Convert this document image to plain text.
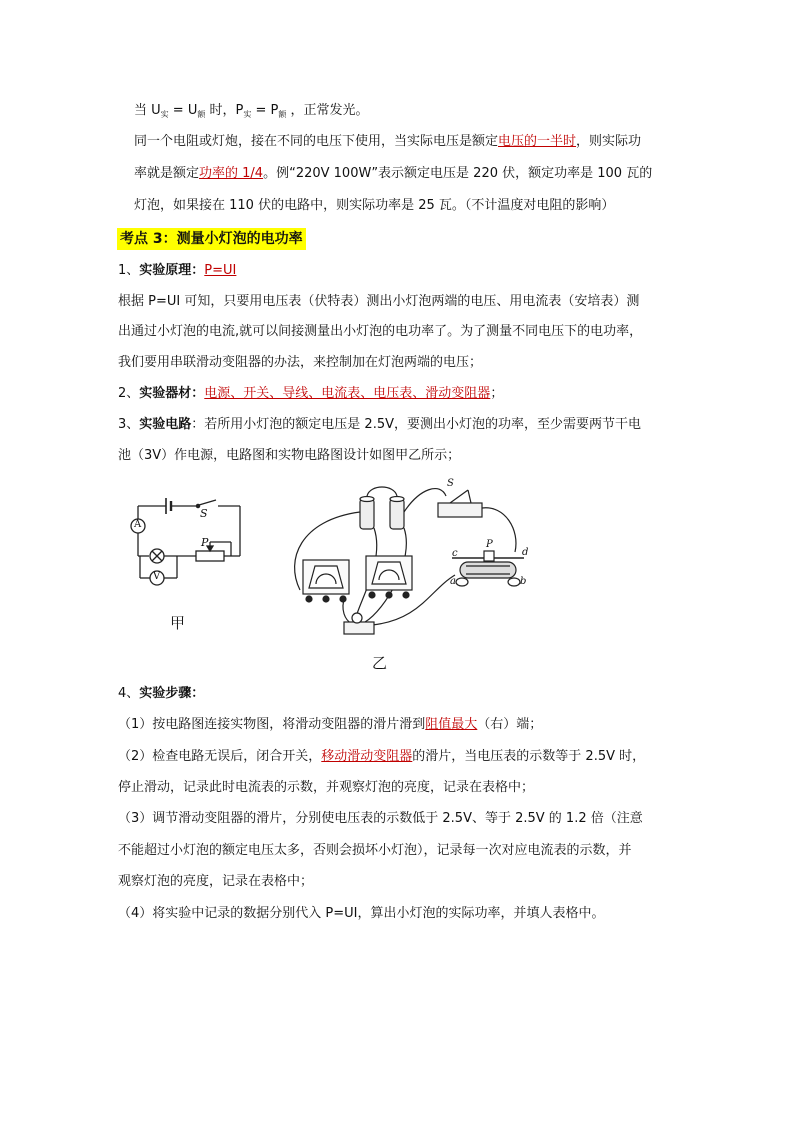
当 $U_实 = U_额$ 时，$P_实 = P_额$ ，正常发光。
同一个电阻或灯炮，接在不同的电压下使用，当实际电压是额定电压的一半时，则实际功
率就是额定功率的 1/4。例“220V 100W”表示额定电压是 220 伏，额定功率是 100 瓦的
灯泡，如果接在 110 伏的电路中，则实际功率是 25 瓦。（不计温度对电阻的影响）
考点 3：测量小灯泡的电功率
1、实验原理：P=UI
根据 P=UI 可知，只要用电压表（伏特表）测出小灯泡两端的电压、用电流表（安培表）测
出通过小灯泡的电流,就可以间接测量出小灯泡的电功率了。为了测量不同电压下的电功率，
我们要用串联滑动变阻器的办法，来控制加在灯泡两端的电压；
2、实验器材：电源、开关、导线、电流表、电压表、滑动变阻器；
3、实验电路：若所用小灯泡的额定电压是 2.5V，要测出小灯泡的功率，至少需要两节干电
池（3V）作电源，电路图和实物电路图设计如图甲乙所示；
S
P
A
V
甲
S
P
c	d
a	b
乙
4、实验步骤：
（1）按电路图连接实物图，将滑动变阻器的滑片滑到阻值最大（右）端；
（2）检查电路无误后，闭合开关，移动滑动变阻器的滑片，当电压表的示数等于 2.5V 时，
停止滑动，记录此时电流表的示数，并观察灯泡的亮度，记录在表格中；
（3）调节滑动变阻器的滑片，分别使电压表的示数低于 2.5V、等于 2.5V 的 1.2 倍（注意
不能超过小灯泡的额定电压太多，否则会损坏小灯泡），记录每一次对应电流表的示数，并
观察灯泡的亮度，记录在表格中；
（4）将实验中记录的数据分别代入 P=UI，算出小灯泡的实际功率，并填人表格中。
